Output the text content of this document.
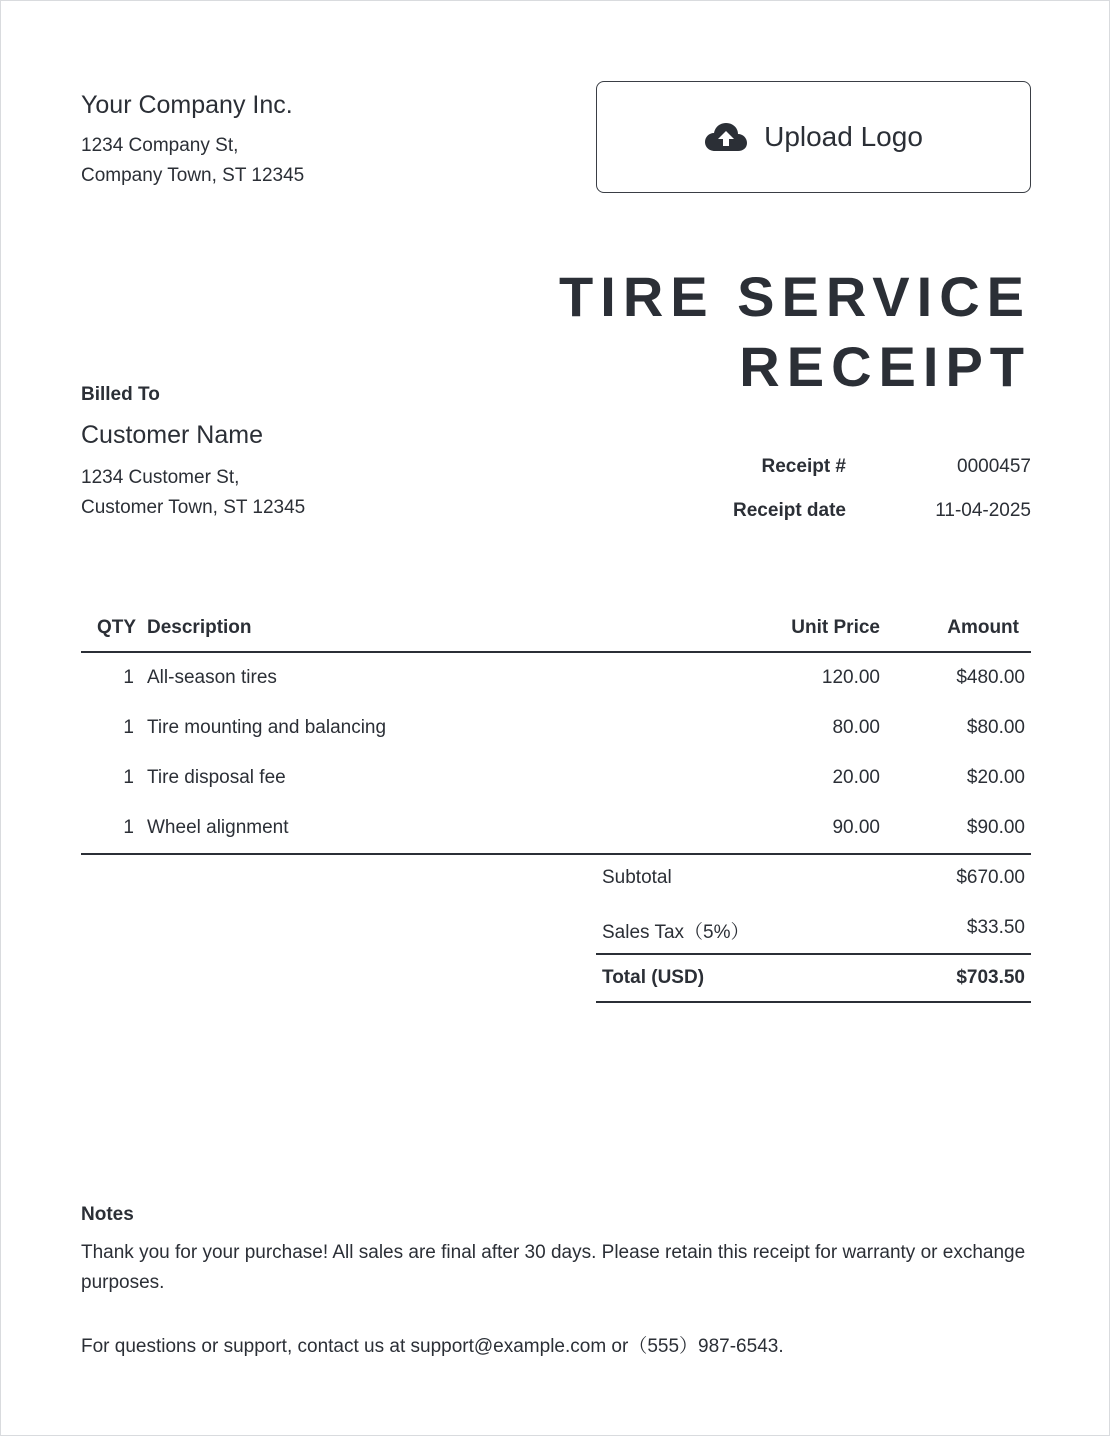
Your Company Inc.
1234 Company St,
Company Town, ST 12345
Upload Logo
TIRE SERVICE
RECEIPT
Billed To
Customer Name
1234 Customer St,
Customer Town, ST 12345
Receipt #	0000457
Receipt date	11-04-2025
QTY Description	Unit Price	Amount
1 All-season tires	120.00	$480.00
1 Tire mounting and balancing	80.00	$80.00
1 Tire disposal fee	20.00	$20.00
1 Wheel alignment	90.00	$90.00
Subtotal	$670.00
Sales Tax（5%）	$33.50
Total (USD)	$703.50
Notes
Thank you for your purchase! All sales are final after 30 days. Please retain this receipt for warranty or exchange purposes.
For questions or support, contact us at support@example.com or（555）987-6543.
